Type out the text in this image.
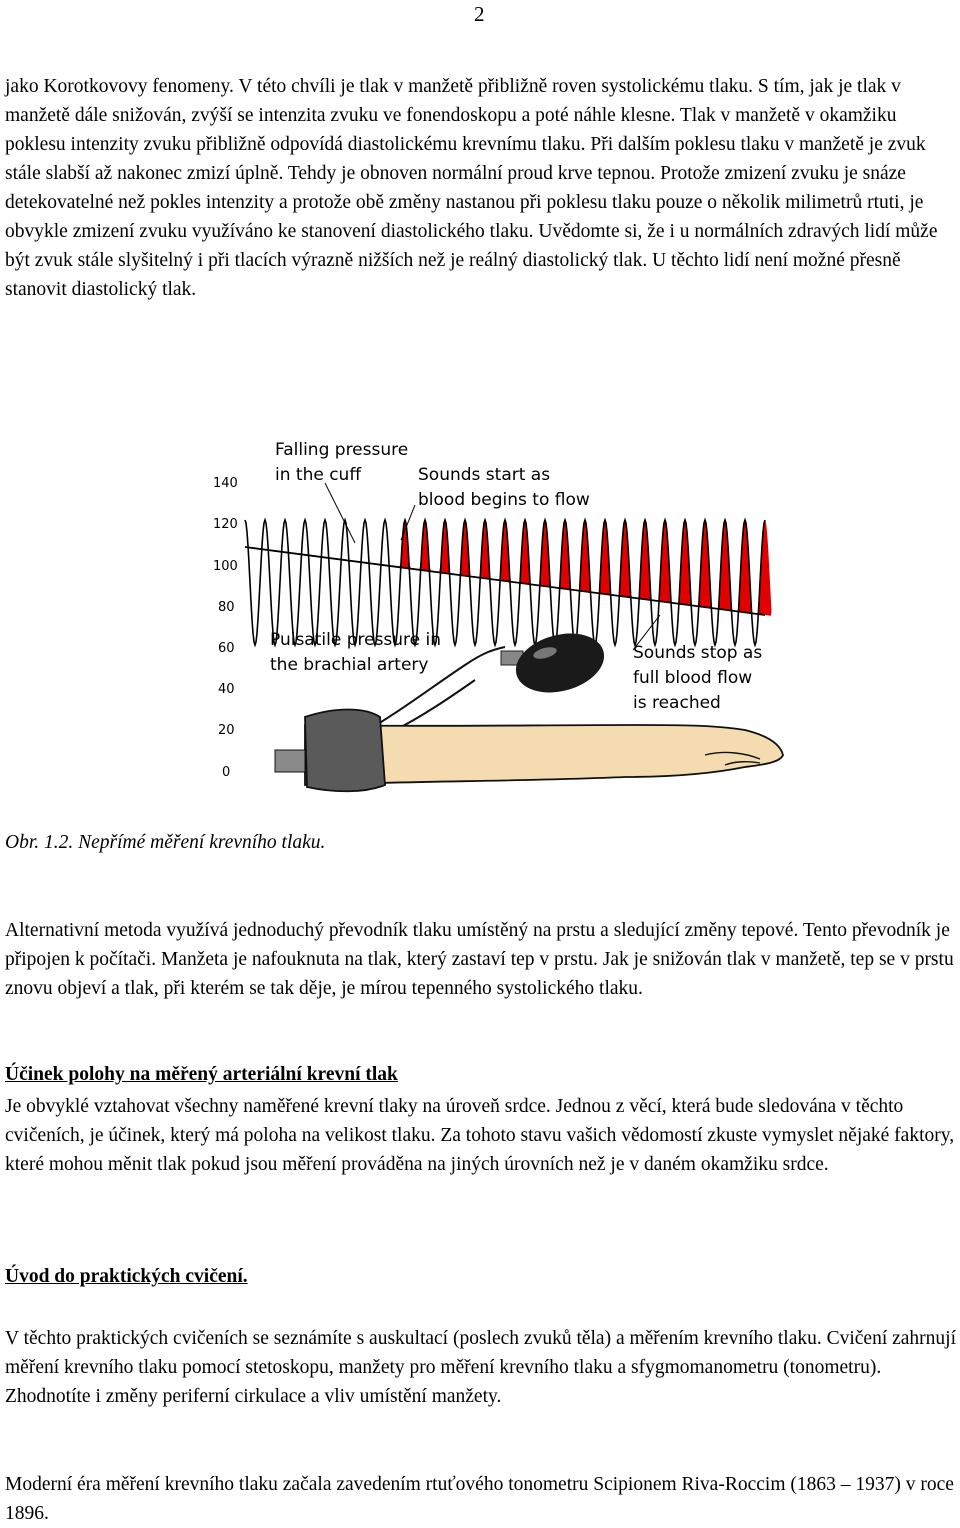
2

jako Korotkovovy fenomeny. V této chvíli je tlak v manžetě přibližně roven systolickému tlaku. S tím, jak je tlak v manžetě dále snižován, zvýší se intenzita zvuku ve fonendoskopu a poté náhle klesne. Tlak v manžetě v okamžiku poklesu intenzity zvuku přibližně odpovídá diastolickému krevnímu tlaku. Při dalším poklesu tlaku v manžetě je zvuk stále slabší až nakonec zmizí úplně. Tehdy je obnoven normální proud krve tepnou. Protože zmizení zvuku je snáze detekovatelné než pokles intenzity a protože obě změny nastanou při poklesu tlaku pouze o několik milimetrů rtuti, je obvykle zmizení zvuku využíváno ke stanovení diastolického tlaku. Uvědomte si, že i u normálních zdravých lidí může být zvuk stále slyšitelný i při tlacích výrazně nižších než je reálný diastolický tlak. U těchto lidí není možné přesně stanovit diastolický tlak.

140
120
100
80
60
40
20
0
Falling pressure
in the cuff	Sounds start as
blood begins to flow
Pulsatile pressure in
the brachial artery
Sounds stop as
full blood flow
is reached
Obr. 1.2. Nepřímé měření krevního tlaku.

Alternativní metoda využívá jednoduchý převodník tlaku umístěný na prstu a sledující změny tepové. Tento převodník je připojen k počítači. Manžeta je nafouknuta na tlak, který zastaví tep v prstu. Jak je snižován tlak v manžetě, tep se v prstu znovu objeví a tlak, při kterém se tak děje, je mírou tepenného systolického tlaku.

Účinek polohy na měřený arteriální krevní tlak

Je obvyklé vztahovat všechny naměřené krevní tlaky na úroveň srdce. Jednou z věcí, která bude sledována v těchto cvičeních, je účinek, který má poloha na velikost tlaku. Za tohoto stavu vašich vědomostí zkuste vymyslet nějaké faktory, které mohou měnit tlak pokud jsou měření prováděna na jiných úrovních než je v daném okamžiku srdce.

Úvod do praktických cvičení.

V těchto praktických cvičeních se seznámíte s auskultací (poslech zvuků těla) a měřením krevního tlaku. Cvičení zahrnují měření krevního tlaku pomocí stetoskopu, manžety pro měření krevního tlaku a sfygmomanometru (tonometru). Zhodnotíte i změny periferní cirkulace a vliv umístění manžety.

Moderní éra měření krevního tlaku začala zavedením rtuťového tonometru Scipionem Riva-Roccim (1863 – 1937) v roce 1896.
